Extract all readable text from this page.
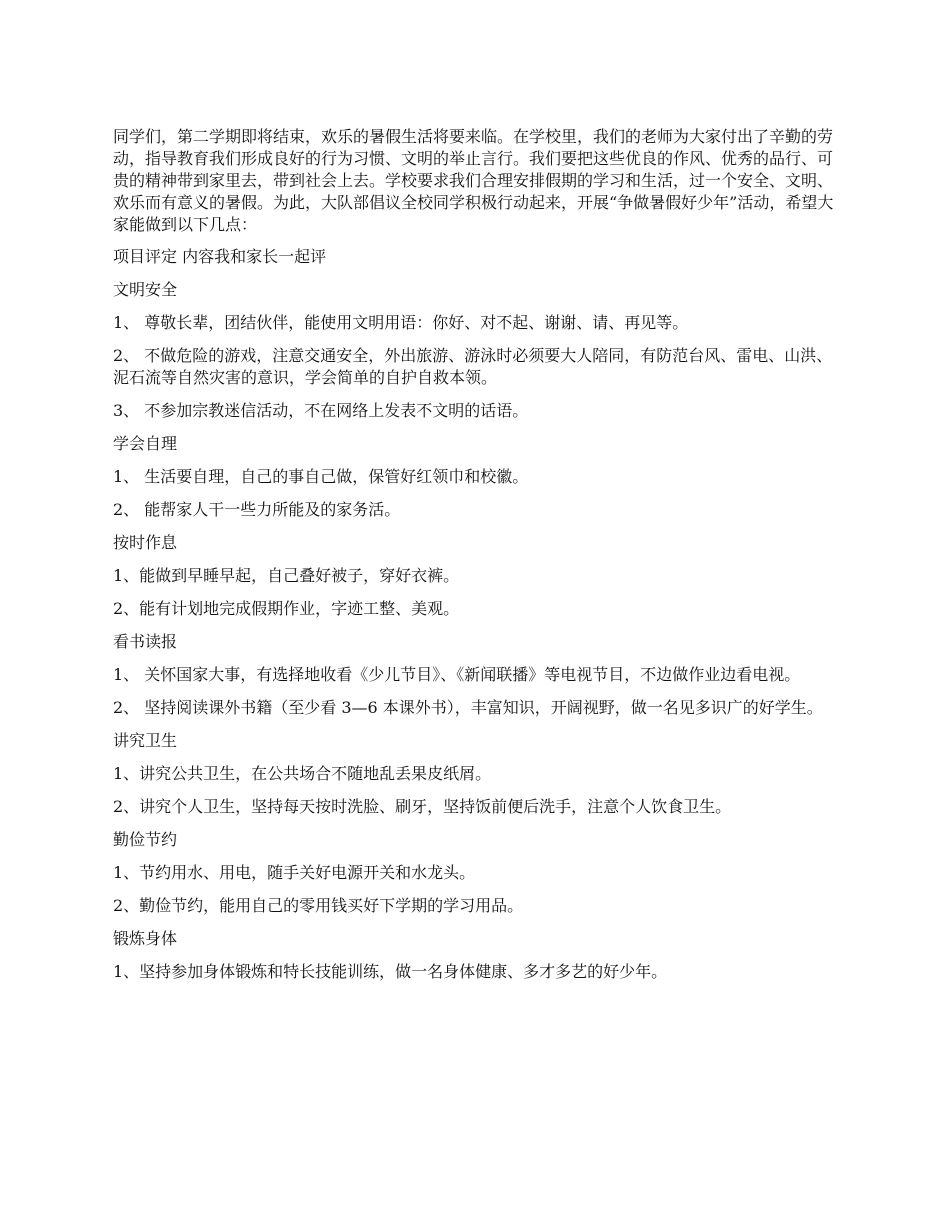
同学们，第二学期即将结束，欢乐的暑假生活将要来临。在学校里，我们的老师为大家付出了辛勤的劳动，指导教育我们形成良好的行为习惯、文明的举止言行。我们要把这些优良的作风、优秀的品行、可贵的精神带到家里去，带到社会上去。学校要求我们合理安排假期的学习和生活，过一个安全、文明、欢乐而有意义的暑假。为此，大队部倡议全校同学积极行动起来，开展“争做暑假好少年”活动，希望大家能做到以下几点：

项目评定 内容我和家长一起评

文明安全

1、 尊敬长辈，团结伙伴，能使用文明用语：你好、对不起、谢谢、请、再见等。

2、 不做危险的游戏，注意交通安全，外出旅游、游泳时必须要大人陪同，有防范台风、雷电、山洪、泥石流等自然灾害的意识，学会简单的自护自救本领。

3、 不参加宗教迷信活动，不在网络上发表不文明的话语。

学会自理

1、 生活要自理，自己的事自己做，保管好红领巾和校徽。

2、 能帮家人干一些力所能及的家务活。

按时作息

1、能做到早睡早起，自己叠好被子，穿好衣裤。

2、能有计划地完成假期作业，字迹工整、美观。

看书读报

1、 关怀国家大事，有选择地收看《少儿节目》、《新闻联播》等电视节目，不边做作业边看电视。

2、 坚持阅读课外书籍（至少看 3—6 本课外书），丰富知识，开阔视野，做一名见多识广的好学生。

讲究卫生

1、讲究公共卫生，在公共场合不随地乱丢果皮纸屑。

2、讲究个人卫生，坚持每天按时洗脸、刷牙，坚持饭前便后洗手，注意个人饮食卫生。

勤俭节约

1、节约用水、用电，随手关好电源开关和水龙头。

2、勤俭节约，能用自己的零用钱买好下学期的学习用品。

锻炼身体

1、坚持参加身体锻炼和特长技能训练，做一名身体健康、多才多艺的好少年。
